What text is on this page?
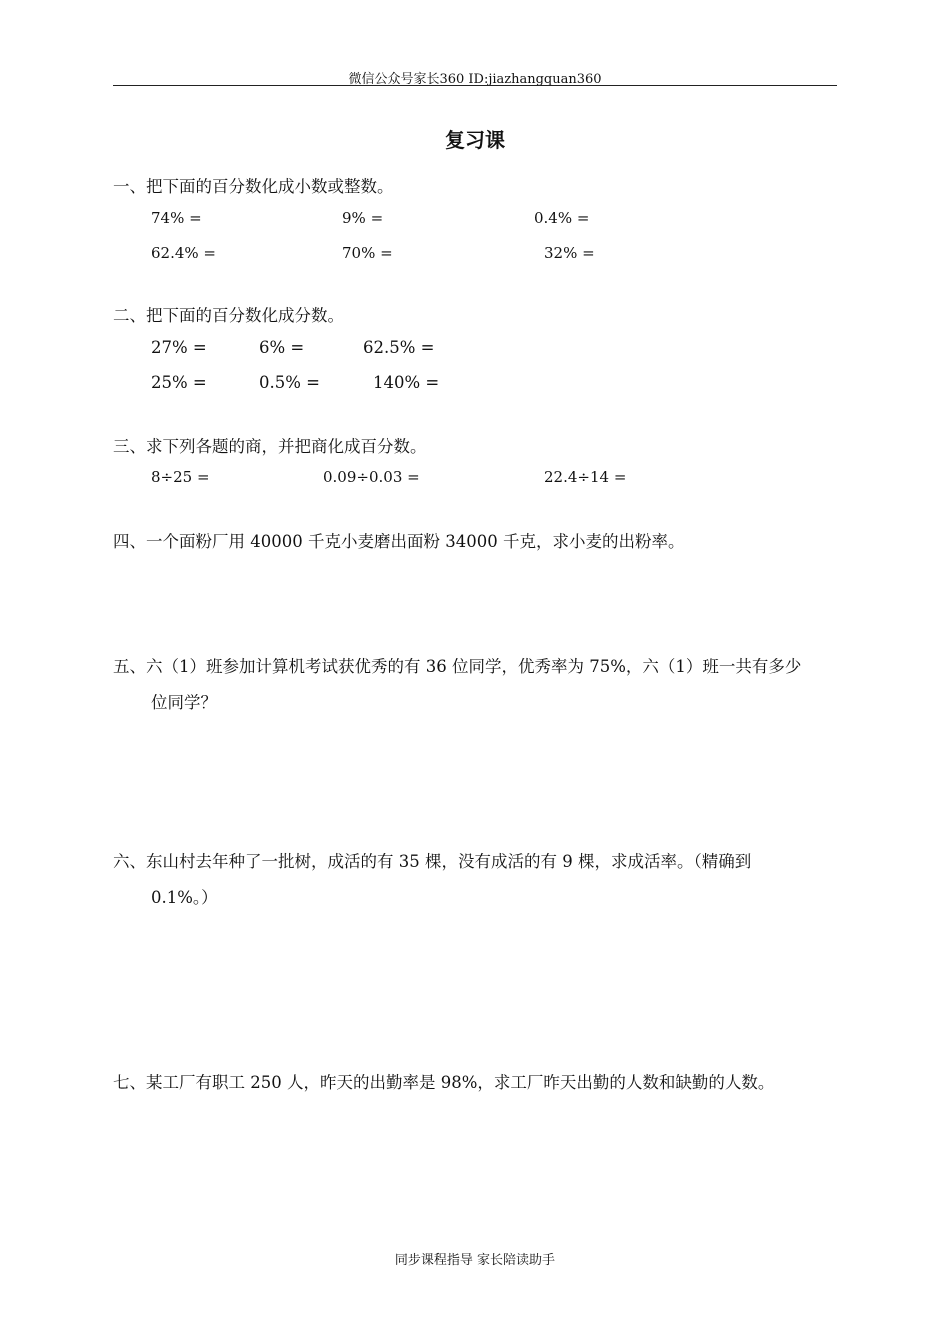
微信公众号家长360 ID:jiazhangquan360
复习课
一、把下面的百分数化成小数或整数。
74% =	9% =	0.4% =
62.4% =	70% =	32% =
二、把下面的百分数化成分数。
27% =	6% =	62.5% =
25% =	0.5% =	140% =
三、求下列各题的商，并把商化成百分数。
8÷25 =	0.09÷0.03 =	22.4÷14 =
四、一个面粉厂用 40000 千克小麦磨出面粉 34000 千克，求小麦的出粉率。
五、六（1）班参加计算机考试获优秀的有 36 位同学，优秀率为 75%，六（1）班一共有多少
位同学？
六、东山村去年种了一批树，成活的有 35 棵，没有成活的有 9 棵，求成活率。（精确到
0.1%。）
七、某工厂有职工 250 人，昨天的出勤率是 98%，求工厂昨天出勤的人数和缺勤的人数。
同步课程指导 家长陪读助手
